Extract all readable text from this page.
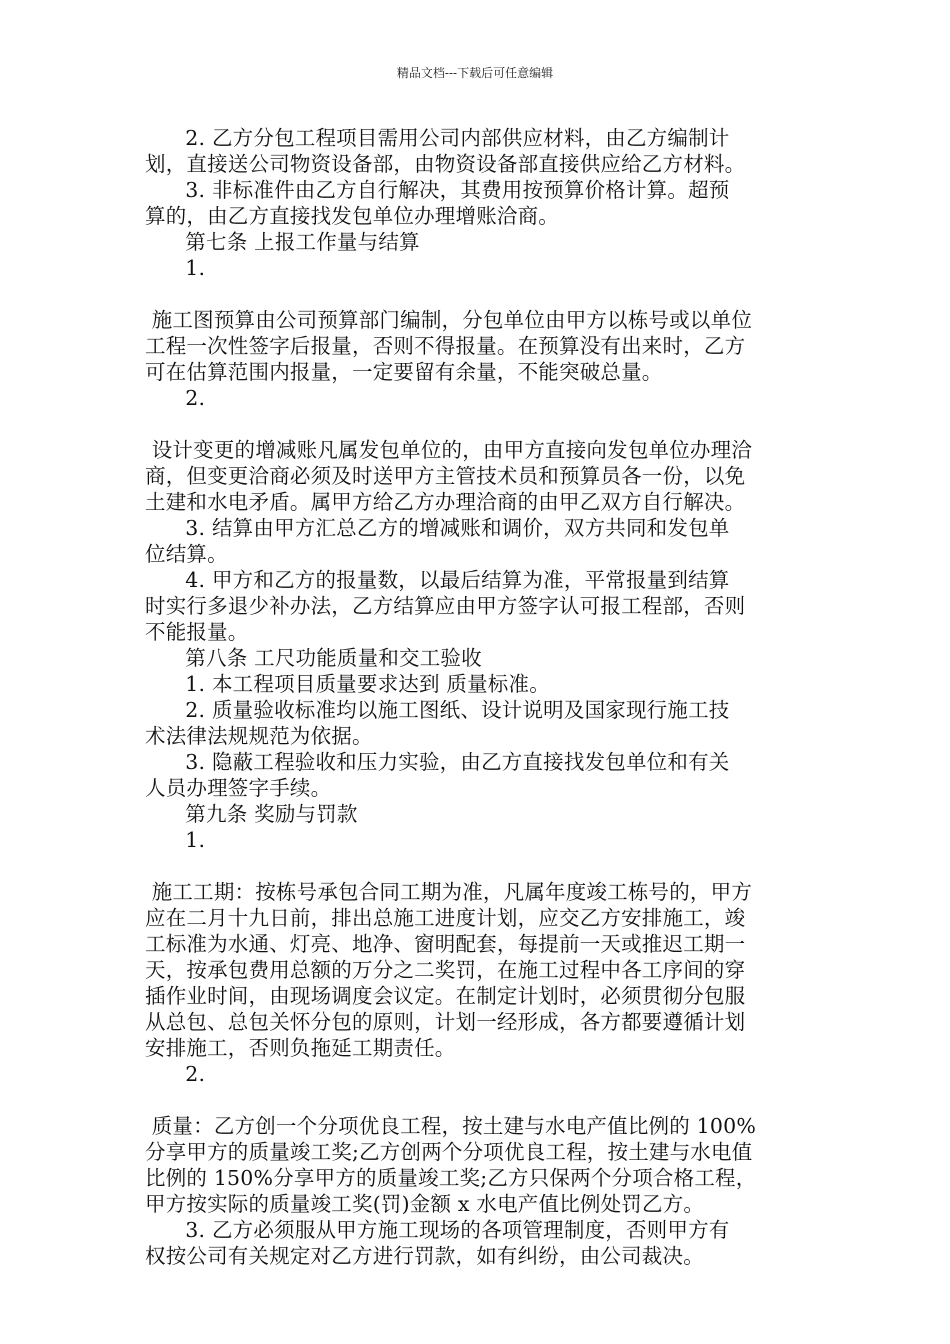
精品文档---下载后可任意编辑
2. 乙方分包工程项目需用公司内部供应材料，由乙方编制计
划，直接送公司物资设备部，由物资设备部直接供应给乙方材料。
3. 非标准件由乙方自行解决，其费用按预算价格计算。超预
算的，由乙方直接找发包单位办理增账洽商。
第七条 上报工作量与结算
1.
施工图预算由公司预算部门编制，分包单位由甲方以栋号或以单位
工程一次性签字后报量，否则不得报量。在预算没有出来时，乙方
可在估算范围内报量，一定要留有余量，不能突破总量。
2.
设计变更的增减账凡属发包单位的，由甲方直接向发包单位办理洽
商，但变更洽商必须及时送甲方主管技术员和预算员各一份，以免
土建和水电矛盾。属甲方给乙方办理洽商的由甲乙双方自行解决。
3. 结算由甲方汇总乙方的增减账和调价，双方共同和发包单
位结算。
4. 甲方和乙方的报量数，以最后结算为准，平常报量到结算
时实行多退少补办法，乙方结算应由甲方签字认可报工程部，否则
不能报量。
第八条 工尺功能质量和交工验收
1. 本工程项目质量要求达到 质量标准。
2. 质量验收标准均以施工图纸、设计说明及国家现行施工技
术法律法规规范为依据。
3. 隐蔽工程验收和压力实验，由乙方直接找发包单位和有关
人员办理签字手续。
第九条 奖励与罚款
1.
施工工期：按栋号承包合同工期为准，凡属年度竣工栋号的，甲方
应在二月十九日前，排出总施工进度计划，应交乙方安排施工，竣
工标准为水通、灯亮、地净、窗明配套，每提前一天或推迟工期一
天，按承包费用总额的万分之二奖罚，在施工过程中各工序间的穿
插作业时间，由现场调度会议定。在制定计划时，必须贯彻分包服
从总包、总包关怀分包的原则，计划一经形成，各方都要遵循计划
安排施工，否则负拖延工期责任。
2.
质量：乙方创一个分项优良工程，按土建与水电产值比例的 100%
分享甲方的质量竣工奖;乙方创两个分项优良工程，按土建与水电值
比例的 150%分享甲方的质量竣工奖;乙方只保两个分项合格工程，
甲方按实际的质量竣工奖(罚)金额 x 水电产值比例处罚乙方。
3. 乙方必须服从甲方施工现场的各项管理制度，否则甲方有
权按公司有关规定对乙方进行罚款，如有纠纷，由公司裁决。
